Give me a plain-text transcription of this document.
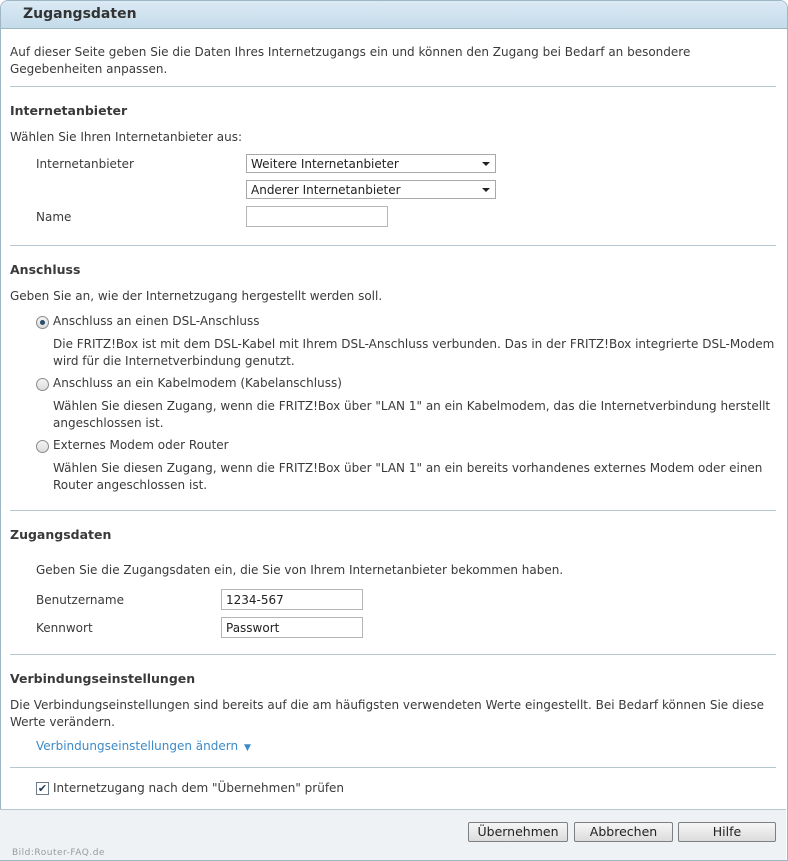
Zugangsdaten
Auf dieser Seite geben Sie die Daten Ihres Internetzugangs ein und können den Zugang bei Bedarf an besondere Gegebenheiten anpassen.
Internetanbieter
Wählen Sie Ihren Internetanbieter aus:
Internetanbieter	Weitere Internetanbieter
Anderer Internetanbieter
Name
Anschluss
Geben Sie an, wie der Internetzugang hergestellt werden soll.
Anschluss an einen DSL-Anschluss
Die FRITZ!Box ist mit dem DSL-Kabel mit Ihrem DSL-Anschluss verbunden. Das in der FRITZ!Box integrierte DSL-Modem wird für die Internetverbindung genutzt.
Anschluss an ein Kabelmodem (Kabelanschluss)
Wählen Sie diesen Zugang, wenn die FRITZ!Box über "LAN 1" an ein Kabelmodem, das die Internetverbindung herstellt angeschlossen ist.
Externes Modem oder Router
Wählen Sie diesen Zugang, wenn die FRITZ!Box über "LAN 1" an ein bereits vorhandenes externes Modem oder einen Router angeschlossen ist.
Zugangsdaten
Geben Sie die Zugangsdaten ein, die Sie von Ihrem Internetanbieter bekommen haben.
Benutzername	1234-567
Kennwort	Passwort
Verbindungseinstellungen
Die Verbindungseinstellungen sind bereits auf die am häufigsten verwendeten Werte eingestellt. Bei Bedarf können Sie diese Werte verändern.
Verbindungseinstellungen ändern ▼
✔ Internetzugang nach dem "Übernehmen" prüfen
Übernehmen	Abbrechen	Hilfe
Bild:Router-FAQ.de
